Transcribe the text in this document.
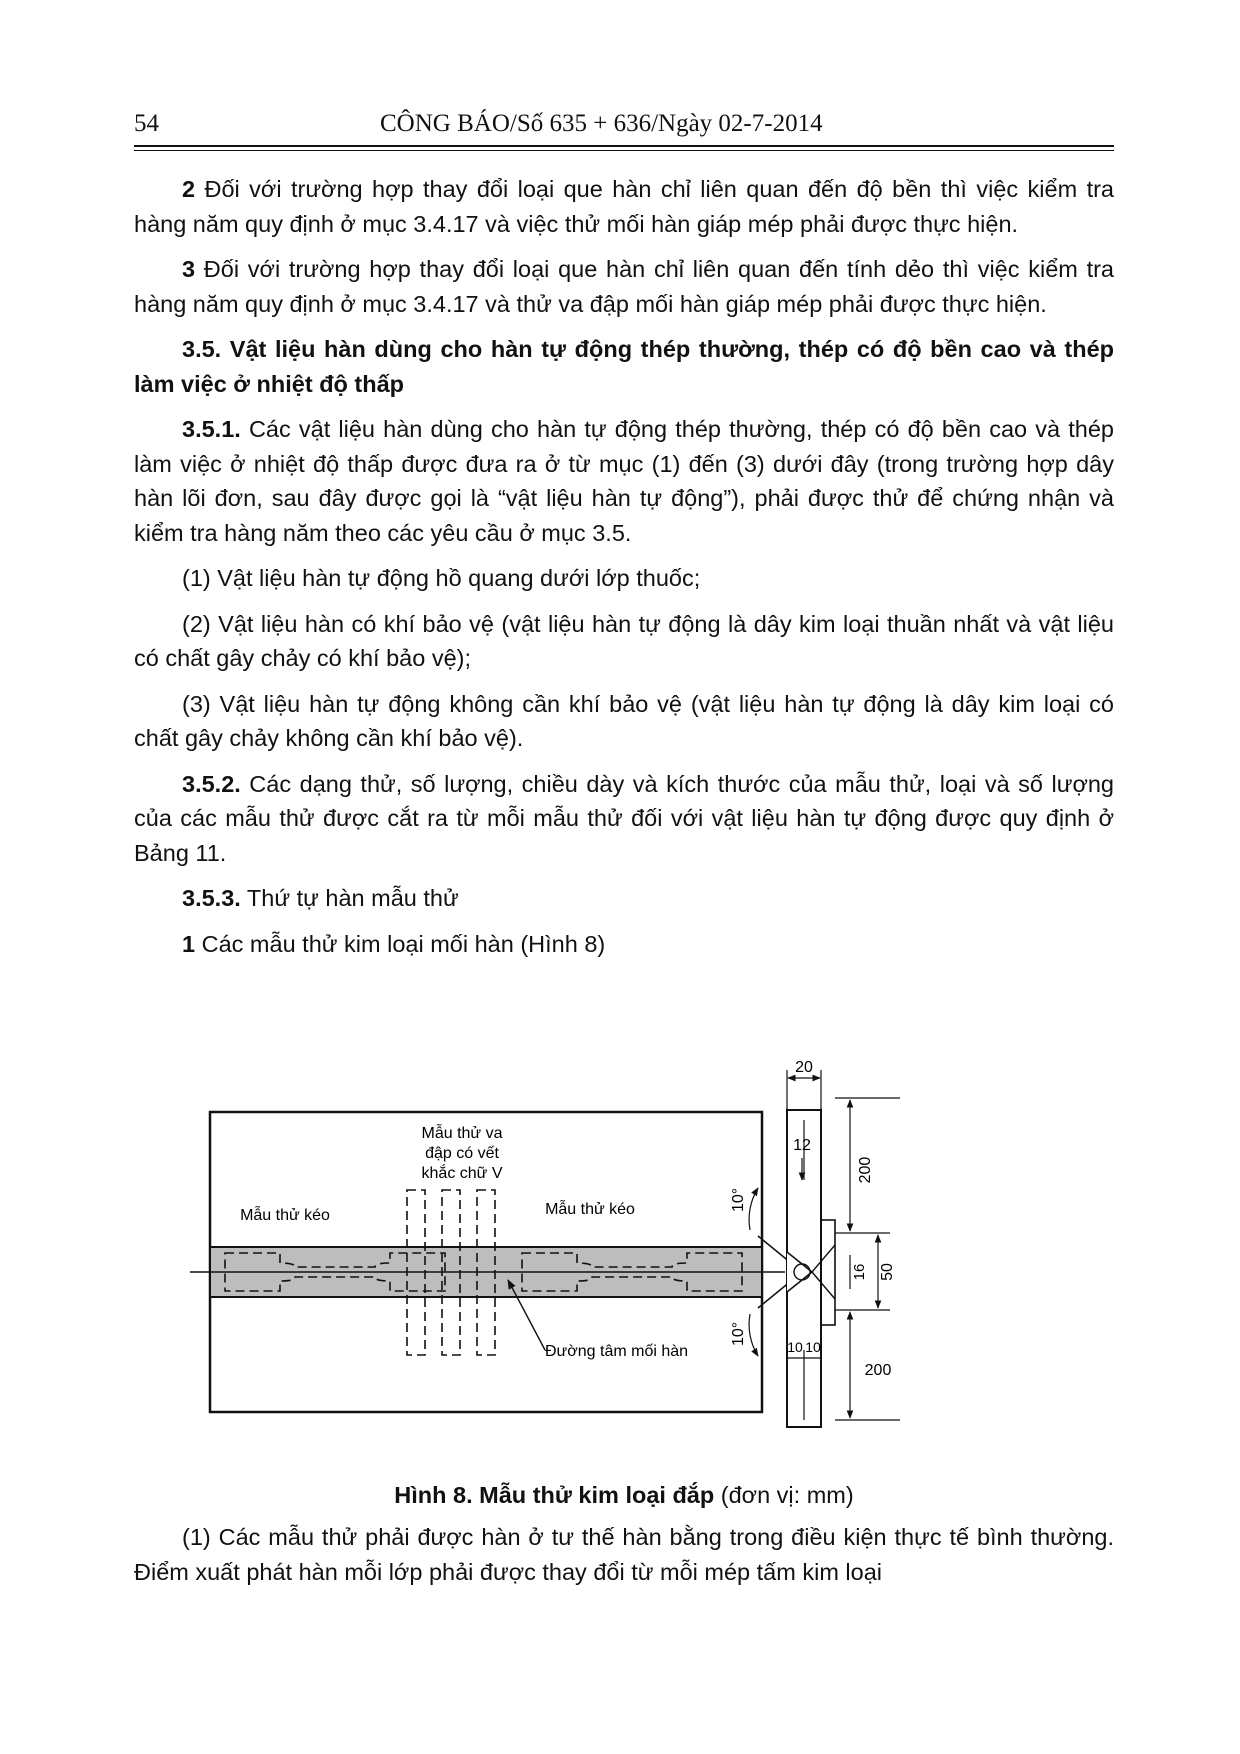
54	CÔNG BÁO/Số 635 + 636/Ngày 02-7-2014

2 Đối với trường hợp thay đổi loại que hàn chỉ liên quan đến độ bền thì việc kiểm tra hàng năm quy định ở mục 3.4.17 và việc thử mối hàn giáp mép phải được thực hiện.

3 Đối với trường hợp thay đổi loại que hàn chỉ liên quan đến tính dẻo thì việc kiểm tra hàng năm quy định ở mục 3.4.17 và thử va đập mối hàn giáp mép phải được thực hiện.

3.5. Vật liệu hàn dùng cho hàn tự động thép thường, thép có độ bền cao và thép làm việc ở nhiệt độ thấp

3.5.1. Các vật liệu hàn dùng cho hàn tự động thép thường, thép có độ bền cao và thép làm việc ở nhiệt độ thấp được đưa ra ở từ mục (1) đến (3) dưới đây (trong trường hợp dây hàn lõi đơn, sau đây được gọi là “vật liệu hàn tự động”), phải được thử để chứng nhận và kiểm tra hàng năm theo các yêu cầu ở mục 3.5.

(1) Vật liệu hàn tự động hồ quang dưới lớp thuốc;

(2) Vật liệu hàn có khí bảo vệ (vật liệu hàn tự động là dây kim loại thuần nhất và vật liệu có chất gây chảy có khí bảo vệ);

(3) Vật liệu hàn tự động không cần khí bảo vệ (vật liệu hàn tự động là dây kim loại có chất gây chảy không cần khí bảo vệ).

3.5.2. Các dạng thử, số lượng, chiều dày và kích thước của mẫu thử, loại và số lượng của các mẫu thử được cắt ra từ mỗi mẫu thử đối với vật liệu hàn tự động được quy định ở Bảng 11.

3.5.3. Thứ tự hàn mẫu thử

1 Các mẫu thử kim loại mối hàn (Hình 8)

Mẫu thử va
đập có vết
khắc chữ V
Mẫu thử kéo	Mẫu thử kéo
Đường tâm mối hàn
10°
10°
20
12
200
50
16
200
10 10
Hình 8. Mẫu thử kim loại đắp (đơn vị: mm)

(1) Các mẫu thử phải được hàn ở tư thế hàn bằng trong điều kiện thực tế bình thường. Điểm xuất phát hàn mỗi lớp phải được thay đổi từ mỗi mép tấm kim loại
